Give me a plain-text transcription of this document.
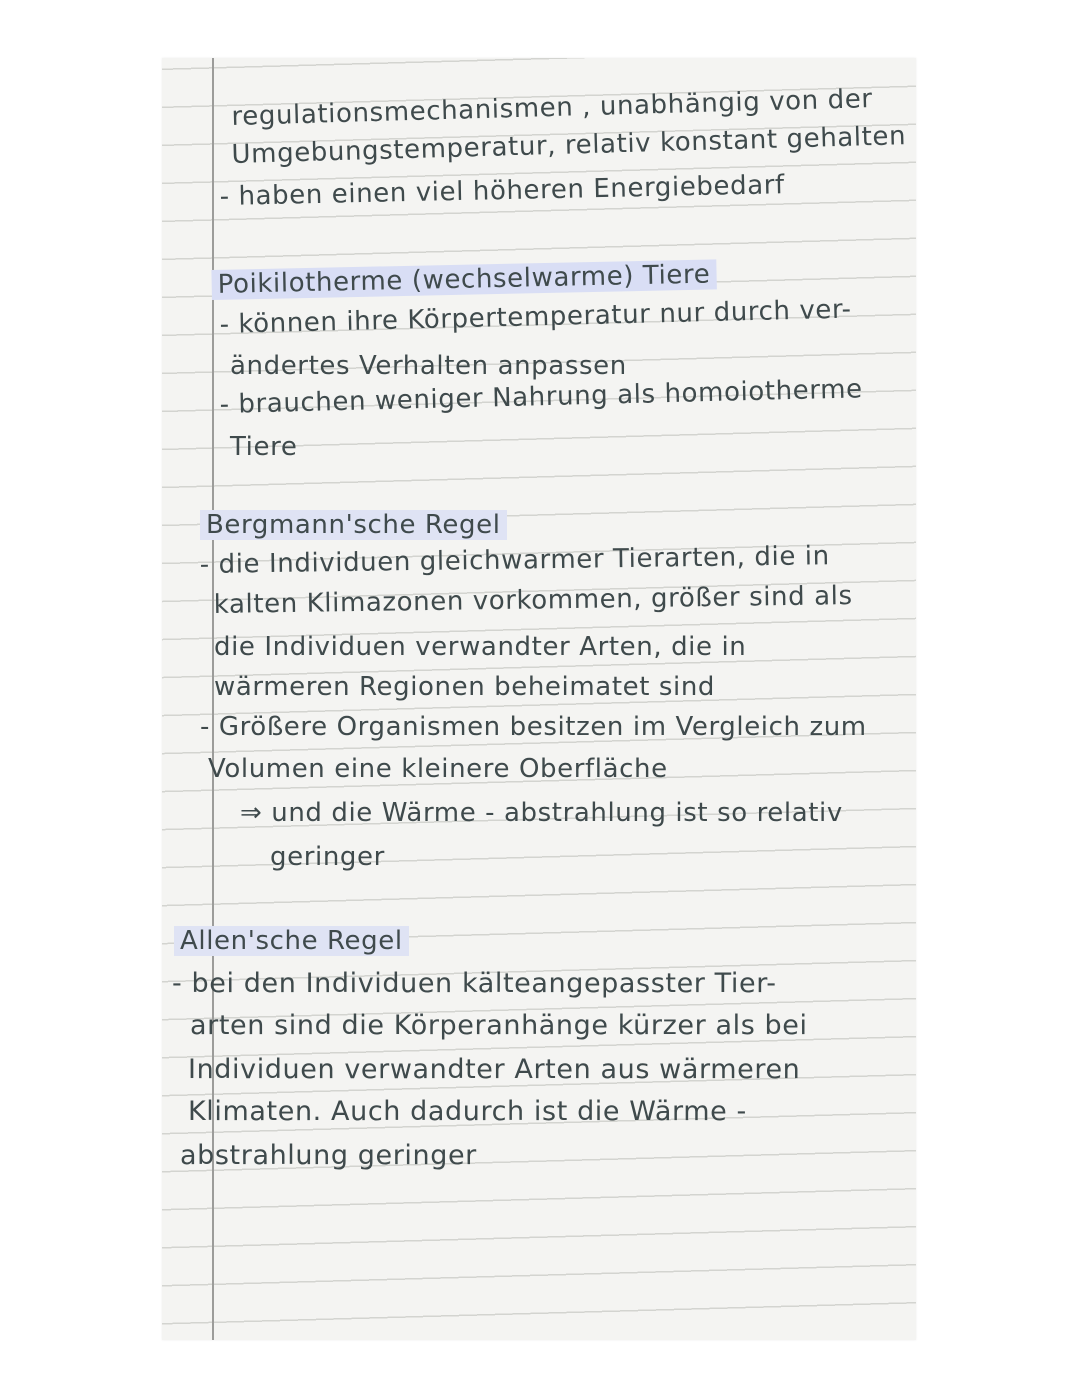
regulationsmechanismen , unabhängig von der
Umgebungstemperatur, relativ konstant gehalten
- haben einen viel höheren Energiebedarf
Poikilotherme (wechselwarme) Tiere
- können ihre Körpertemperatur nur durch ver-
ändertes Verhalten anpassen
- brauchen weniger Nahrung als homoiotherme
Tiere
Bergmann'sche Regel
- die Individuen gleichwarmer Tierarten, die in
kalten Klimazonen vorkommen, größer sind als
die Individuen verwandter Arten, die in
wärmeren Regionen beheimatet sind
- Größere Organismen besitzen im Vergleich zum
Volumen eine kleinere Oberfläche
⇒ und die Wärme - abstrahlung ist so relativ
geringer
Allen'sche Regel
- bei den Individuen kälteangepasster Tier-
arten sind die Körperanhänge kürzer als bei
Individuen verwandter Arten aus wärmeren
Klimaten. Auch dadurch ist die Wärme -
abstrahlung geringer
